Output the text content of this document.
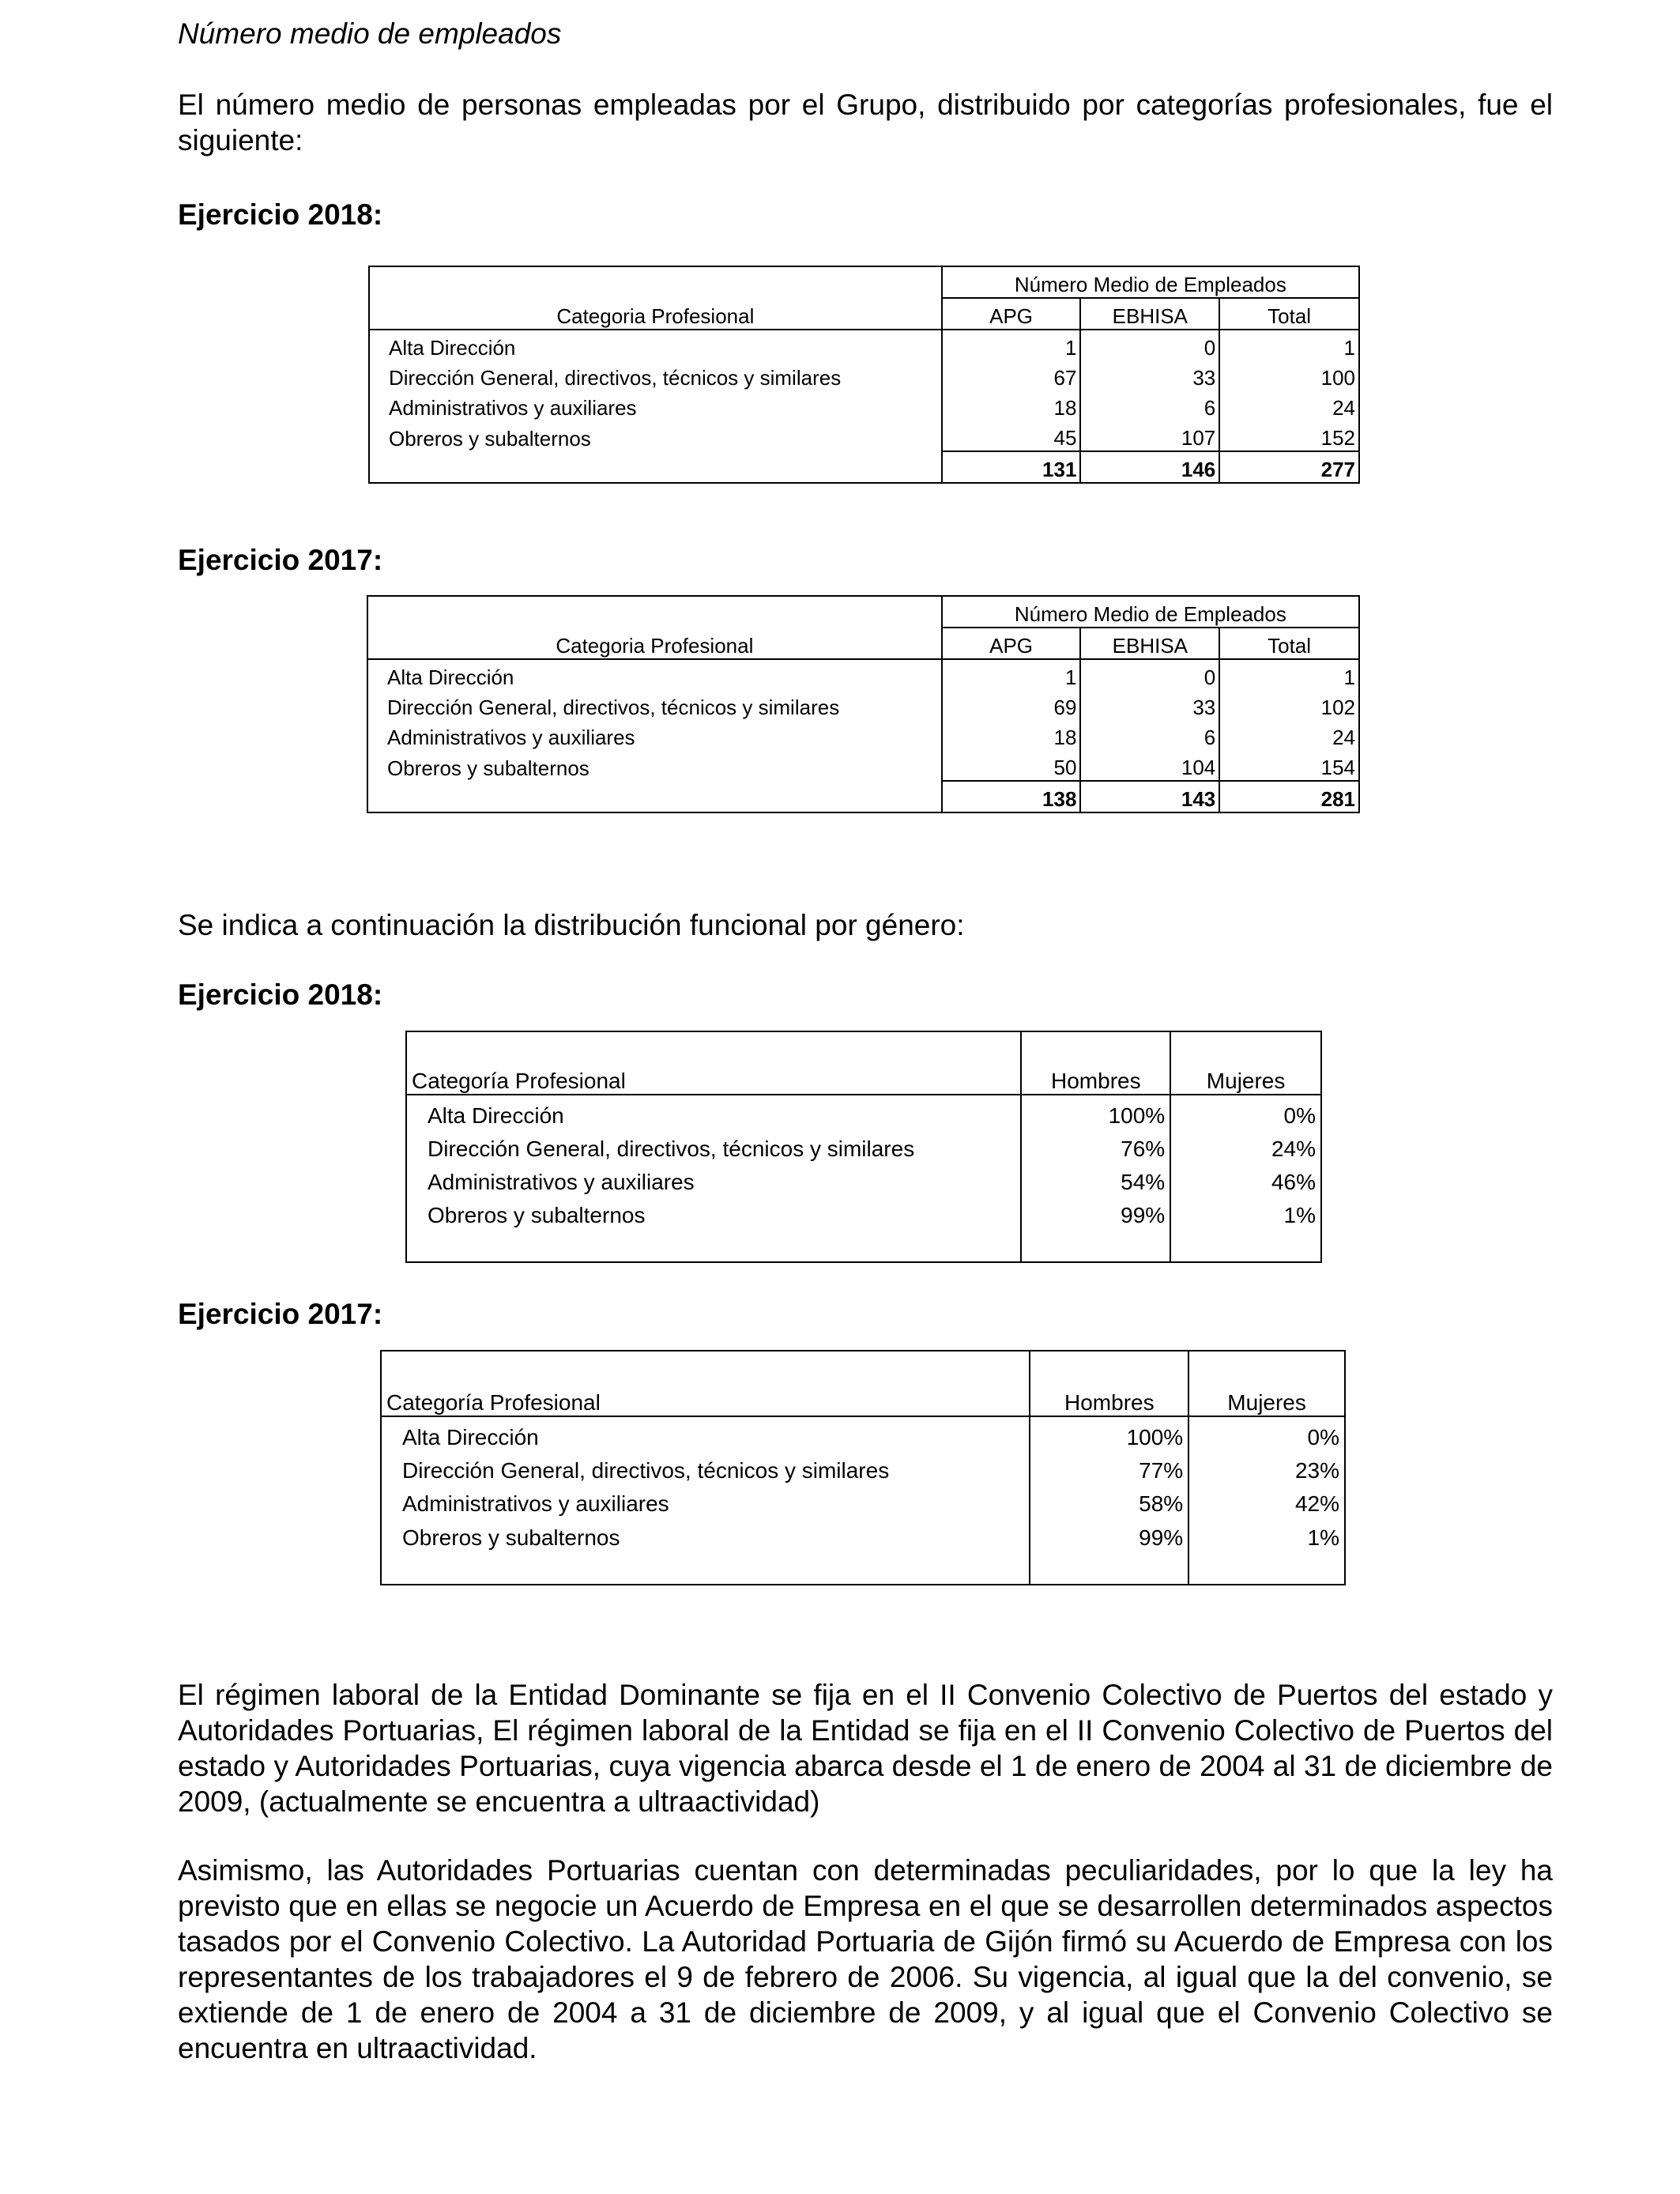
Número medio de empleados

El número medio de personas empleadas por el Grupo, distribuido por categorías profesionales, fue el siguiente:

Ejercicio 2018:

	Número Medio de Empleados		
Categoria Profesional	APG	EBHISA	Total
Alta Dirección	1	0	1
Dirección General, directivos, técnicos y similares	67	33	100
Administrativos y auxiliares	18	6	24
Obreros y subalternos	45	107	152
	131	146	277

Ejercicio 2017:

	Número Medio de Empleados		
Categoria Profesional	APG	EBHISA	Total
Alta Dirección	1	0	1
Dirección General, directivos, técnicos y similares	69	33	102
Administrativos y auxiliares	18	6	24
Obreros y subalternos	50	104	154
	138	143	281

Se indica a continuación la distribución funcional por género:

Ejercicio 2018:

Categoría Profesional	Hombres	Mujeres
Alta Dirección	100%	0%
Dirección General, directivos, técnicos y similares	76%	24%
Administrativos y auxiliares	54%	46%
Obreros y subalternos	99%	1%

Ejercicio 2017:

Categoría Profesional	Hombres	Mujeres
Alta Dirección	100%	0%
Dirección General, directivos, técnicos y similares	77%	23%
Administrativos y auxiliares	58%	42%
Obreros y subalternos	99%	1%

El régimen laboral de la Entidad Dominante se fija en el II Convenio Colectivo de Puertos del estado y Autoridades Portuarias, El régimen laboral de la Entidad se fija en el II Convenio Colectivo de Puertos del estado y Autoridades Portuarias, cuya vigencia abarca desde el 1 de enero de 2004 al 31 de diciembre de 2009, (actualmente se encuentra a ultraactividad)

Asimismo, las Autoridades Portuarias cuentan con determinadas peculiaridades, por lo que la ley ha previsto que en ellas se negocie un Acuerdo de Empresa en el que se desarrollen determinados aspectos tasados por el Convenio Colectivo. La Autoridad Portuaria de Gijón firmó su Acuerdo de Empresa con los representantes de los trabajadores el 9 de febrero de 2006. Su vigencia, al igual que la del convenio, se extiende de 1 de enero de 2004 a 31 de diciembre de 2009, y al igual que el Convenio Colectivo se encuentra en ultraactividad.
